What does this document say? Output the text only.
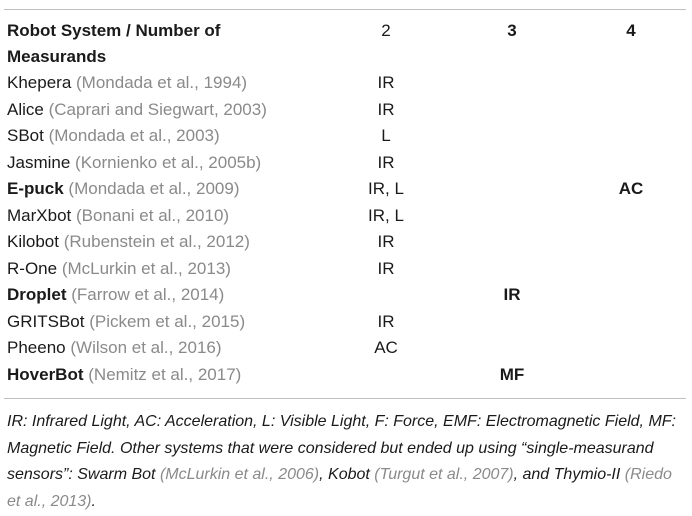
Robot System / Number of
Measurands	2	3	4
Khepera (Mondada et al., 1994)	IR		
Alice (Caprari and Siegwart, 2003)	IR		
SBot (Mondada et al., 2003)	L		
Jasmine (Kornienko et al., 2005b)	IR		
E-puck (Mondada et al., 2009)	IR, L		AC
MarXbot (Bonani et al., 2010)	IR, L		
Kilobot (Rubenstein et al., 2012)	IR		
R-One (McLurkin et al., 2013)	IR		
Droplet (Farrow et al., 2014)		IR	
GRITSBot (Pickem et al., 2015)	IR		
Pheeno (Wilson et al., 2016)	AC		
HoverBot (Nemitz et al., 2017)		MF	
IR: Infrared Light, AC: Acceleration, L: Visible Light, F: Force, EMF: Electromagnetic Field, MF: Magnetic Field. Other systems that were considered but ended up using “single-measurand sensors”: Swarm Bot (McLurkin et al., 2006), Kobot (Turgut et al., 2007), and Thymio-II (Riedo et al., 2013).
